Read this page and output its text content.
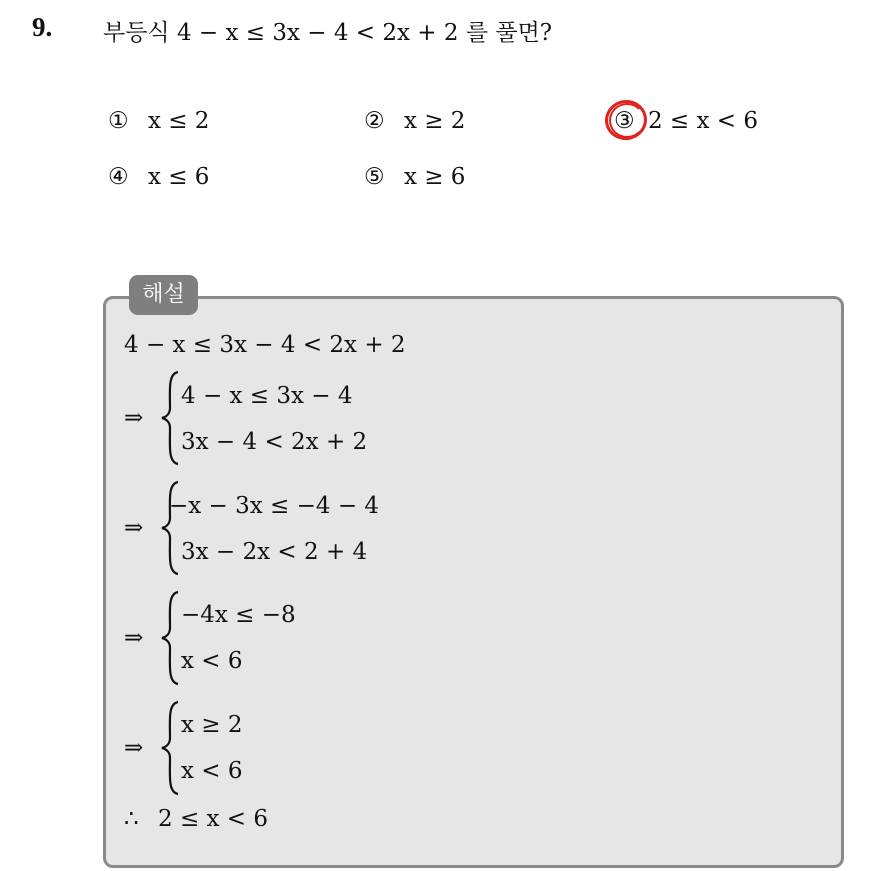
9. 부등식 4 − x ≤ 3x − 4 < 2x + 2 를 풀면?
① x ≤ 2	② x ≥ 2	③ 2 ≤ x < 6
④ x ≤ 6	⑤ x ≥ 6
해설
4 − x ≤ 3x − 4 < 2x + 2
⇒
4 − x ≤ 3x − 4
3x − 4 < 2x + 2
⇒
−x − 3x ≤ −4 − 4
3x − 2x < 2 + 4
⇒
−4x ≤ −8
x < 6
⇒
x ≥ 2
x < 6
∴ 2 ≤ x < 6
